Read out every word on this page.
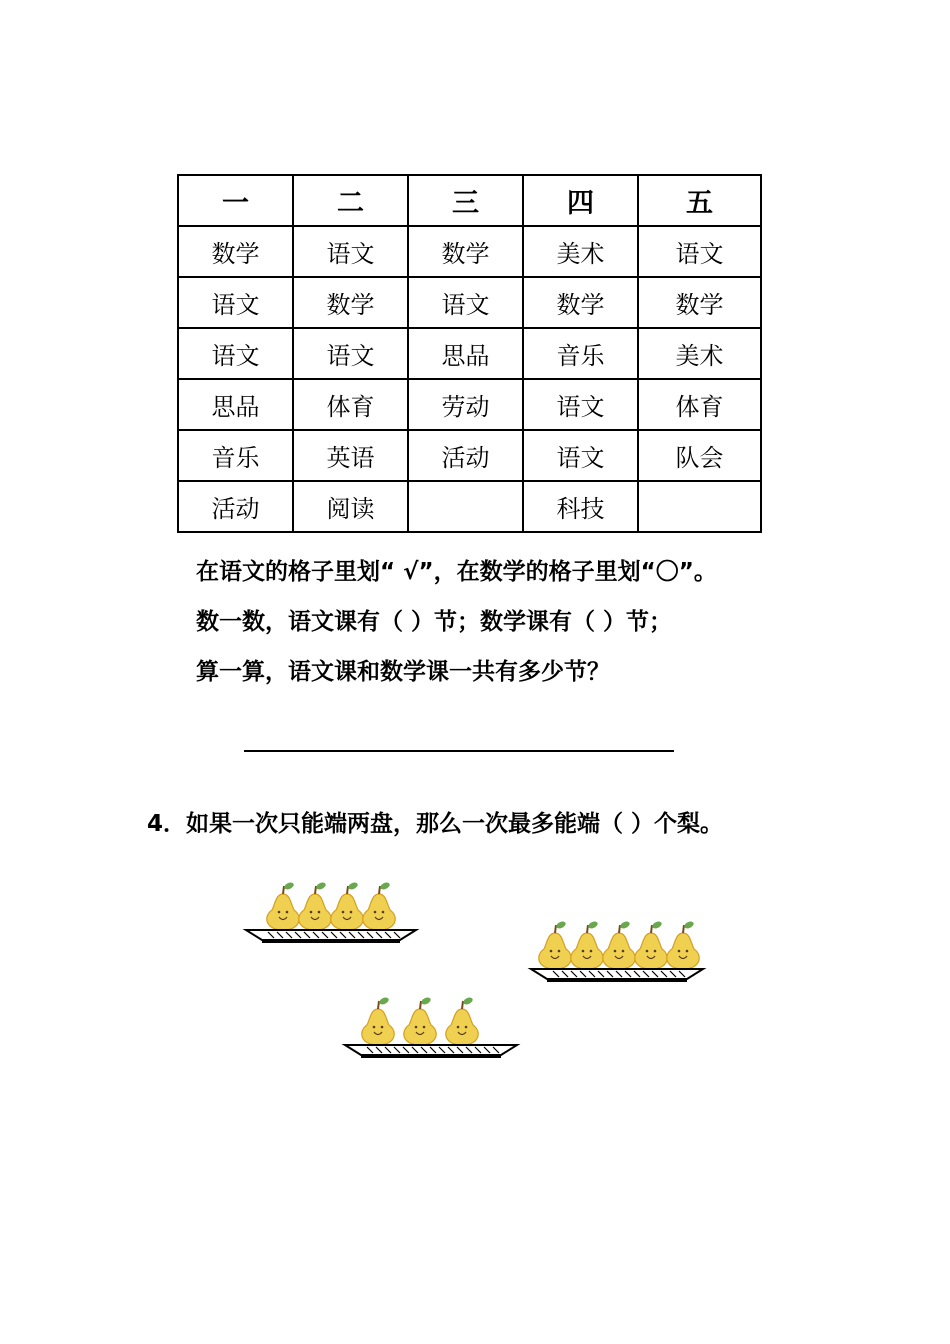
一	二	三	四	五
数学	语文	数学	美术	语文
语文	数学	语文	数学	数学
语文	语文	思品	音乐	美术
思品	体育	劳动	语文	体育
音乐	英语	活动	语文	队会
活动	阅读		科技	
在语文的格子里划“ √”，在数学的格子里划“〇”。
数一数，语文课有（ ）节；数学课有（ ）节；
算一算，语文课和数学课一共有多少节？
4．如果一次只能端两盘，那么一次最多能端（ ）个梨。
